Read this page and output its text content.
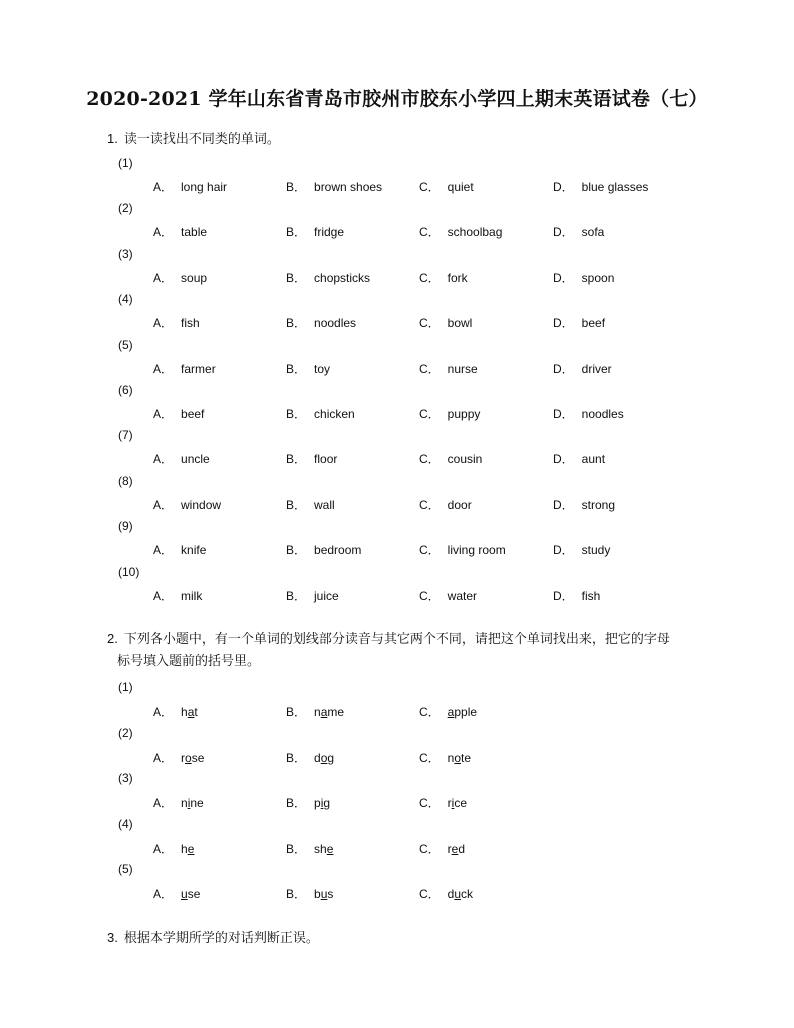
2020-2021 学年山东省青岛市胶州市胶东小学四上期末英语试卷（七）
1. 读一读找出不同类的单词。
(1)
A． long hair	B． brown shoes	C． quiet	D． blue glasses
(2)
A． table	B． fridge	C． schoolbag	D． sofa
(3)
A． soup	B． chopsticks	C． fork	D． spoon
(4)
A． fish	B． noodles	C． bowl	D． beef
(5)
A． farmer	B． toy	C． nurse	D． driver
(6)
A． beef	B． chicken	C． puppy	D． noodles
(7)
A． uncle	B． floor	C． cousin	D． aunt
(8)
A． window	B． wall	C． door	D． strong
(9)
A． knife	B． bedroom	C． living room	D． study
(10)
A． milk	B． juice	C． water	D． fish
2. 下列各小题中，有一个单词的划线部分读音与其它两个不同，请把这个单词找出来，把它的字母
标号填入题前的括号里。
(1)
A． hat	B． name	C． apple
(2)
A． rose	B． dog	C． note
(3)
A． nine	B． pig	C． rice
(4)
A． he	B． she	C． red
(5)
A． use	B． bus	C． duck
3. 根据本学期所学的对话判断正误。
